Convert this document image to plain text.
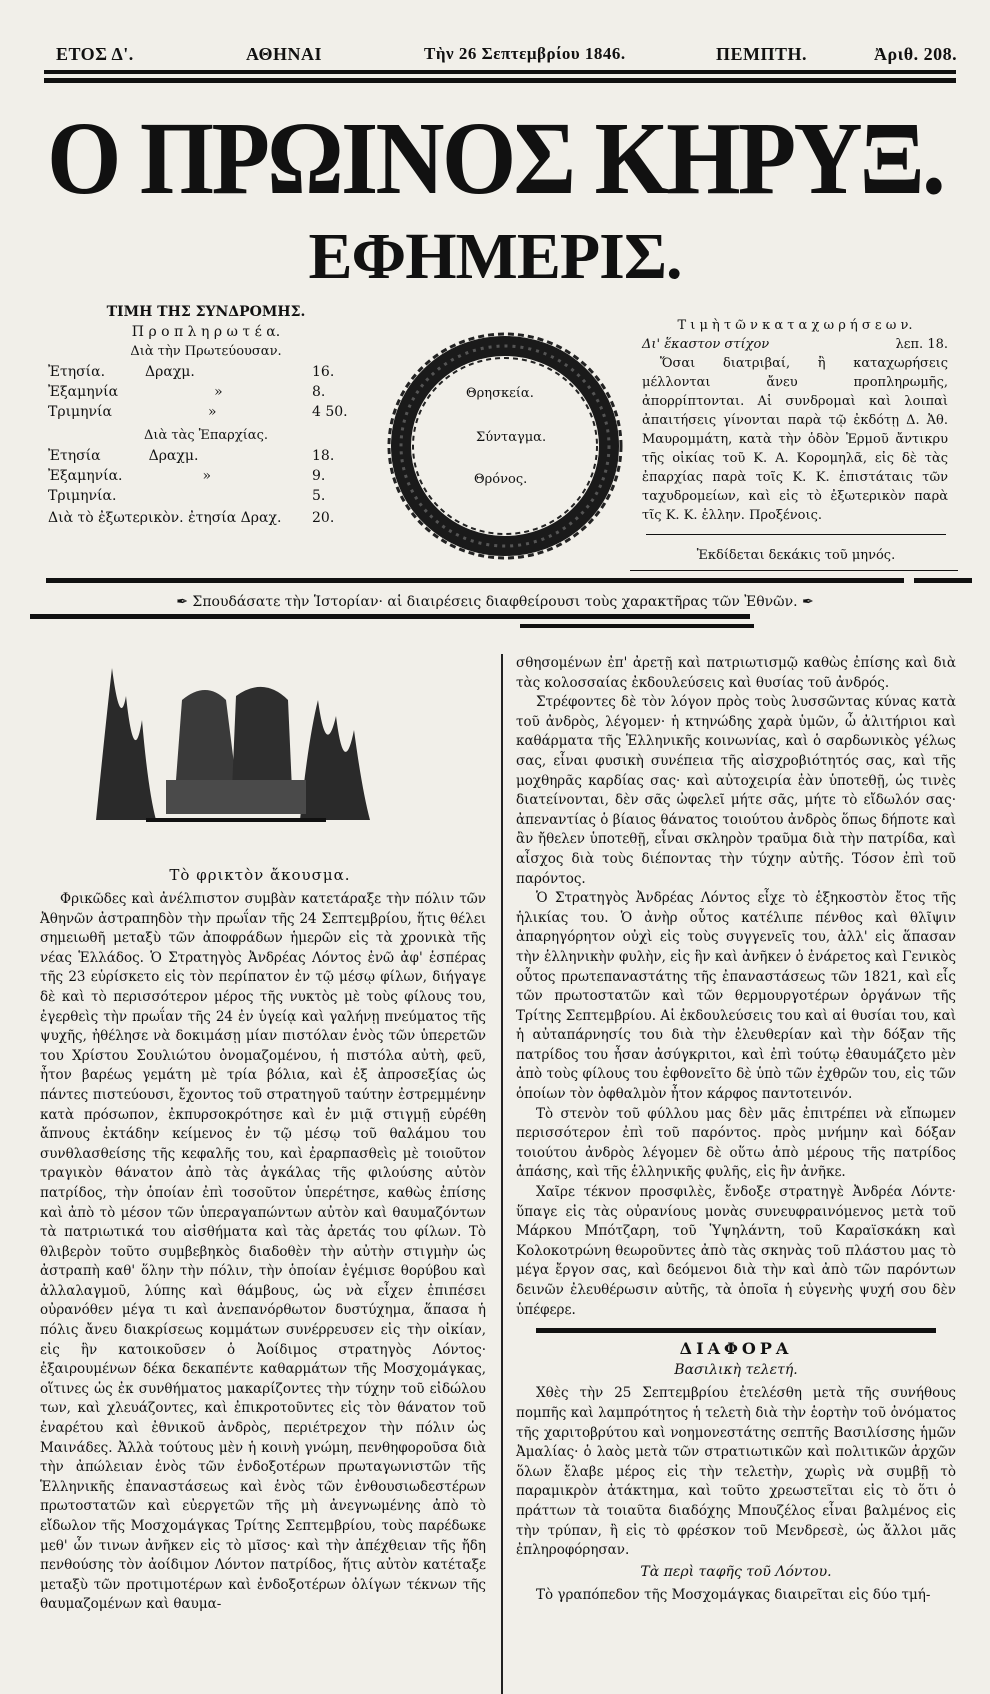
ΕΤΟΣ Δ'.	ΑΘΗΝΑΙ	Τὴν 26 Σεπτεμβρίου 1846.	ΠΕΜΠΤΗ.	Ἀριθ. 208.
Ο ΠΡΩΙΝΟΣ ΚΗΡΥΞ.
ΕΦΗΜΕΡΙΣ.
ΤΙΜΗ ΤΗΣ ΣΥΝΔΡΟΜΗΣ.
Π ρ ο π λ η ρ ω τ έ α.
Διὰ τὴν Πρωτεύουσαν.
Ἐτησία.	Δραχμ.	16.
Ἐξαμηνία	»	8.
Τριμηνία	»	4 50.
Διὰ τὰς Ἐπαρχίας.
Ἐτησία	Δραχμ.	18.
Ἐξαμηνία.	»	9.
Τριμηνία.	5.
Διὰ τὸ ἐξωτερικὸν. ἐτησία Δραχ. 20.
Θρησκεία.
Σύνταγμα.
Θρόνος.
Τ ι μ ὴ τ ῶ ν κ α τ α χ ω ρ ή σ ε ω ν.
Δι' ἕκαστον στίχον	λεπ. 18.
Ὅσαι διατριβαί, ἢ καταχωρήσεις μέλλονται ἄνευ προπληρωμῆς, ἀπορρίπτονται. Αἱ συνδρομαὶ καὶ λοιπαὶ ἀπαιτήσεις γίνονται παρὰ τῷ ἐκδότῃ Δ. Ἀθ. Μαυρομμάτη, κατὰ τὴν ὁδὸν Ἑρμοῦ ἄντικρυ τῆς οἰκίας τοῦ Κ. Α. Κορομηλᾶ, εἰς δὲ τὰς ἐπαρχίας παρὰ τοῖς Κ. Κ. ἐπιστάταις τῶν ταχυδρομείων, καὶ εἰς τὸ ἐξωτερικὸν παρὰ τῖς Κ. Κ. ἑλλην. Προξένοις.
Ἐκδίδεται δεκάκις τοῦ μηνός.
✒ Σπουδάσατε τὴν Ἱστορίαν· αἱ διαιρέσεις διαφθείρουσι τοὺς χαρακτῆρας τῶν Ἐθνῶν. ✒
Τὸ φρικτὸν ἄκουσμα.

Φρικῶδες καὶ ἀνέλπιστον συμβὰν κατετάραξε τὴν πόλιν τῶν Ἀθηνῶν ἀστραπηδὸν τὴν πρωΐαν τῆς 24 Σεπτεμβρίου, ἥτις θέλει σημειωθῆ μεταξὺ τῶν ἀποφράδων ἡμερῶν εἰς τὰ χρονικὰ τῆς νέας Ἑλλάδος. Ὁ Στρατηγὸς Ἀνδρέας Λόντος ἐνῶ ἀφ' ἑσπέρας τῆς 23 εὑρίσκετο εἰς τὸν περίπατον ἐν τῷ μέσῳ φίλων, διήγαγε δὲ καὶ τὸ περισσότερον μέρος τῆς νυκτὸς μὲ τοὺς φίλους του, ἐγερθεὶς τὴν πρωΐαν τῆς 24 ἐν ὑγείᾳ καὶ γαλήνῃ πνεύματος τῆς ψυχῆς, ἠθέλησε νὰ δοκιμάσῃ μίαν πιστόλαν ἑνὸς τῶν ὑπερετῶν του Χρίστου Σουλιώτου ὀνομαζομένου, ἡ πιστόλα αὐτὴ, φεῦ, ἦτον βαρέως γεμάτη μὲ τρία βόλια, καὶ ἐξ ἀπροσεξίας ὡς πάντες πιστεύουσι, ἔχοντος τοῦ στρατηγοῦ ταύτην ἐστρεμμένην κατὰ πρόσωπον, ἐκπυρσοκρότησε καὶ ἐν μιᾷ στιγμῇ εὑρέθη ἄπνους ἐκτάδην κείμενος ἐν τῷ μέσῳ τοῦ θαλάμου του συνθλασθείσης τῆς κεφαλῆς του, καὶ ἐραρπασθεὶς μὲ τοιοῦτον τραγικὸν θάνατον ἀπὸ τὰς ἀγκάλας τῆς φιλούσης αὐτὸν πατρίδος, τὴν ὁποίαν ἐπὶ τοσοῦτον ὑπερέτησε, καθὼς ἐπίσης καὶ ἀπὸ τὸ μέσον τῶν ὑπεραγαπώντων αὐτὸν καὶ θαυμαζόντων τὰ πατριωτικά του αἰσθήματα καὶ τὰς ἀρετάς του φίλων. Τὸ θλιβερὸν τοῦτο συμβεβηκὸς διαδοθὲν τὴν αὐτὴν στιγμὴν ὡς ἀστραπὴ καθ' ὅλην τὴν πόλιν, τὴν ὁποίαν ἐγέμισε θορύβου καὶ ἀλλαλαγμοῦ, λύπης καὶ θάμβους, ὡς νὰ εἶχεν ἐπιπέσει οὐρανόθεν μέγα τι καὶ ἀνεπανόρθωτον δυστύχημα, ἅπασα ἡ πόλις ἄνευ διακρίσεως κομμάτων συνέρρευσεν εἰς τὴν οἰκίαν, εἰς ἣν κατοικοῦσεν ὁ Ἀοίδιμος στρατηγὸς Λόντος· ἐξαιρουμένων δέκα δεκαπέντε καθαρμάτων τῆς Μοσχομάγκας, οἵτινες ὡς ἐκ συνθήματος μακαρίζοντες τὴν τύχην τοῦ εἰδώλου των, καὶ χλευάζοντες, καὶ ἐπικροτοῦντες εἰς τὸν θάνατον τοῦ ἐναρέτου καὶ ἐθνικοῦ ἀνδρὸς, περιέτρεχον τὴν πόλιν ὡς Μαινάδες. Ἀλλὰ τούτους μὲν ἡ κοινὴ γνώμη, πενθηφοροῦσα διὰ τὴν ἀπώλειαν ἑνὸς τῶν ἐνδοξοτέρων πρωταγωνιστῶν τῆς Ἑλληνικῆς ἐπαναστάσεως καὶ ἑνὸς τῶν ἐνθουσιωδεστέρων πρωτοστατῶν καὶ εὐεργετῶν τῆς μὴ ἀνεγνωμένης ἀπὸ τὸ εἴδωλον τῆς Μοσχομάγκας Τρίτης Σεπτεμβρίου, τοὺς παρέδωκε μεθ' ὧν τινων ἀνῆκεν εἰς τὸ μῖσος· καὶ τὴν ἀπέχθειαν τῆς ἤδη πενθούσης τὸν ἀοίδιμον Λόντον πατρίδος, ἥτις αὐτὸν κατέταξε μεταξὺ τῶν προτιμοτέρων καὶ ἐνδοξοτέρων ὀλίγων τέκνων τῆς θαυμαζομένων καὶ θαυμα-

σθησομένων ἐπ' ἀρετῇ καὶ πατριωτισμῷ καθὼς ἐπίσης καὶ διὰ τὰς κολοσσαίας ἐκδουλεύσεις καὶ θυσίας τοῦ ἀνδρός.

Στρέφοντες δὲ τὸν λόγον πρὸς τοὺς λυσσῶντας κύνας κατὰ τοῦ ἀνδρὸς, λέγομεν· ἡ κτηνώδης χαρὰ ὑμῶν, ὦ ἀλιτήριοι καὶ καθάρματα τῆς Ἑλληνικῆς κοινωνίας, καὶ ὁ σαρδωνικὸς γέλως σας, εἶναι φυσικὴ συνέπεια τῆς αἰσχροβιότητός σας, καὶ τῆς μοχθηρᾶς καρδίας σας· καὶ αὐτοχειρία ἐὰν ὑποτεθῇ, ὡς τινὲς διατείνονται, δὲν σᾶς ὠφελεῖ μήτε σᾶς, μήτε τὸ εἴδωλόν σας· ἀπεναντίας ὁ βίαιος θάνατος τοιούτου ἀνδρὸς ὅπως δήποτε καὶ ἂν ἤθελεν ὑποτεθῇ, εἶναι σκληρὸν τραῦμα διὰ τὴν πατρίδα, καὶ αἶσχος διὰ τοὺς διέποντας τὴν τύχην αὐτῆς. Τόσον ἐπὶ τοῦ παρόντος.

Ὁ Στρατηγὸς Ἀνδρέας Λόντος εἶχε τὸ ἑξηκοστὸν ἔτος τῆς ἡλικίας του. Ὁ ἀνὴρ οὗτος κατέλιπε πένθος καὶ θλῖψιν ἀπαρηγόρητον οὐχὶ εἰς τοὺς συγγενεῖς του, ἀλλ' εἰς ἅπασαν τὴν ἑλληνικὴν φυλὴν, εἰς ἣν καὶ ἀνῆκεν ὁ ἐνάρετος καὶ Γενικὸς οὗτος πρωτεπαναστάτης τῆς ἐπαναστάσεως τῶν 1821, καὶ εἷς τῶν πρωτοστατῶν καὶ τῶν θερμουργοτέρων ὀργάνων τῆς Τρίτης Σεπτεμβρίου. Αἱ ἐκδουλεύσεις του καὶ αἱ θυσίαι του, καὶ ἡ αὐταπάρνησίς του διὰ τὴν ἐλευθερίαν καὶ τὴν δόξαν τῆς πατρίδος του ἦσαν ἀσύγκριτοι, καὶ ἐπὶ τούτῳ ἐθαυμάζετο μὲν ἀπὸ τοὺς φίλους του ἐφθονεῖτο δὲ ὑπὸ τῶν ἐχθρῶν του, εἰς τῶν ὁποίων τὸν ὀφθαλμὸν ἦτον κάρφος παντοτεινόν.

Τὸ στενὸν τοῦ φύλλου μας δὲν μᾶς ἐπιτρέπει νὰ εἴπωμεν περισσότερον ἐπὶ τοῦ παρόντος. πρὸς μνήμην καὶ δόξαν τοιούτου ἀνδρὸς λέγομεν δὲ οὕτω ἀπὸ μέρους τῆς πατρίδος ἁπάσης, καὶ τῆς ἑλληνικῆς φυλῆς, εἰς ἣν ἀνῆκε.

Χαῖρε τέκνον προσφιλὲς, ἔνδοξε στρατηγὲ Ἀνδρέα Λόντε· ὕπαγε εἰς τὰς οὐρανίους μονὰς συνευφραινόμενος μετὰ τοῦ Μάρκου Μπότζαρη, τοῦ Ὑψηλάντη, τοῦ Καραϊσκάκη καὶ Κολοκοτρώνη θεωροῦντες ἀπὸ τὰς σκηνὰς τοῦ πλάστου μας τὸ μέγα ἔργον σας, καὶ δεόμενοι διὰ τὴν καὶ ἀπὸ τῶν παρόντων δεινῶν ἐλευθέρωσιν αὐτῆς, τὰ ὁποῖα ἡ εὐγενὴς ψυχή σου δὲν ὑπέφερε.

ΔΙΑΦΟΡΑ
Βασιλικὴ τελετή.

Χθὲς τὴν 25 Σεπτεμβρίου ἐτελέσθη μετὰ τῆς συνήθους πομπῆς καὶ λαμπρότητος ἡ τελετὴ διὰ τὴν ἑορτὴν τοῦ ὀνόματος τῆς χαριτοβρύτου καὶ νοημονεστάτης σεπτῆς Βασιλίσσης ἡμῶν Ἀμαλίας· ὁ λαὸς μετὰ τῶν στρατιωτικῶν καὶ πολιτικῶν ἀρχῶν ὅλων ἔλαβε μέρος εἰς τὴν τελετὴν, χωρὶς νὰ συμβῇ τὸ παραμικρὸν ἀτάκτημα, καὶ τοῦτο χρεωστεῖται εἰς τὸ ὅτι ὁ πράττων τὰ τοιαῦτα διαδόχης Μπουζέλος εἶναι βαλμένος εἰς τὴν τρύπαν, ἢ εἰς τὸ φρέσκον τοῦ Μενδρεσὲ, ὡς ἄλλοι μᾶς ἐπληροφόρησαν.

Τὰ περὶ ταφῆς τοῦ Λόντου.

Τὸ γραπόπεδον τῆς Μοσχομάγκας διαιρεῖται εἰς δύο τμή-
